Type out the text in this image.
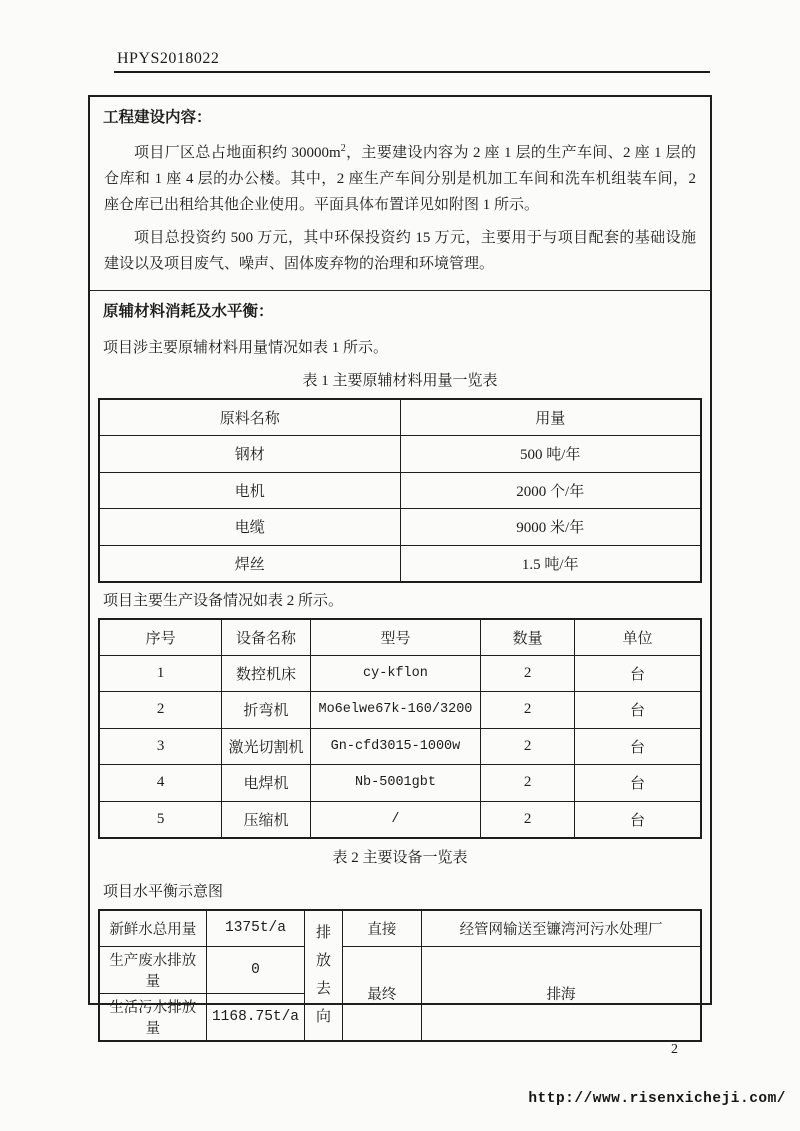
HPYS2018022
工程建设内容：

项目厂区总占地面积约 $30000m^2$，主要建设内容为 2 座 1 层的生产车间、2 座 1 层的仓库和 1 座 4 层的办公楼。其中，2 座生产车间分别是机加工车间和洗车机组装车间，2 座仓库已出租给其他企业使用。平面具体布置详见如附图 1 所示。

项目总投资约 500 万元，其中环保投资约 15 万元，主要用于与项目配套的基础设施建设以及项目废气、噪声、固体废弃物的治理和环境管理。

原辅材料消耗及水平衡：

项目涉主要原辅材料用量情况如表 1 所示。

表 1 主要原辅材料用量一览表
原料名称	用量
钢材	500 吨/年
电机	2000 个/年
电缆	9000 米/年
焊丝	1.5 吨/年

项目主要生产设备情况如表 2 所示。

序号	设备名称	型号	数量	单位
1	数控机床	cy-kflon	2	台
2	折弯机	Mo6elwe67k-160/3200	2	台
3	激光切割机	Gn-cfd3015-1000w	2	台
4	电焊机	Nb-5001gbt	2	台
5	压缩机	/	2	台
表 2 主要设备一览表

项目水平衡示意图

新鲜水总用量	1375t/a	排放去向	直接	经管网输送至镰湾河污水处理厂
生产废水排放量	0		最终	排海
生活污水排放量	1168.75t/a			
2
http://www.risenxicheji.com/
